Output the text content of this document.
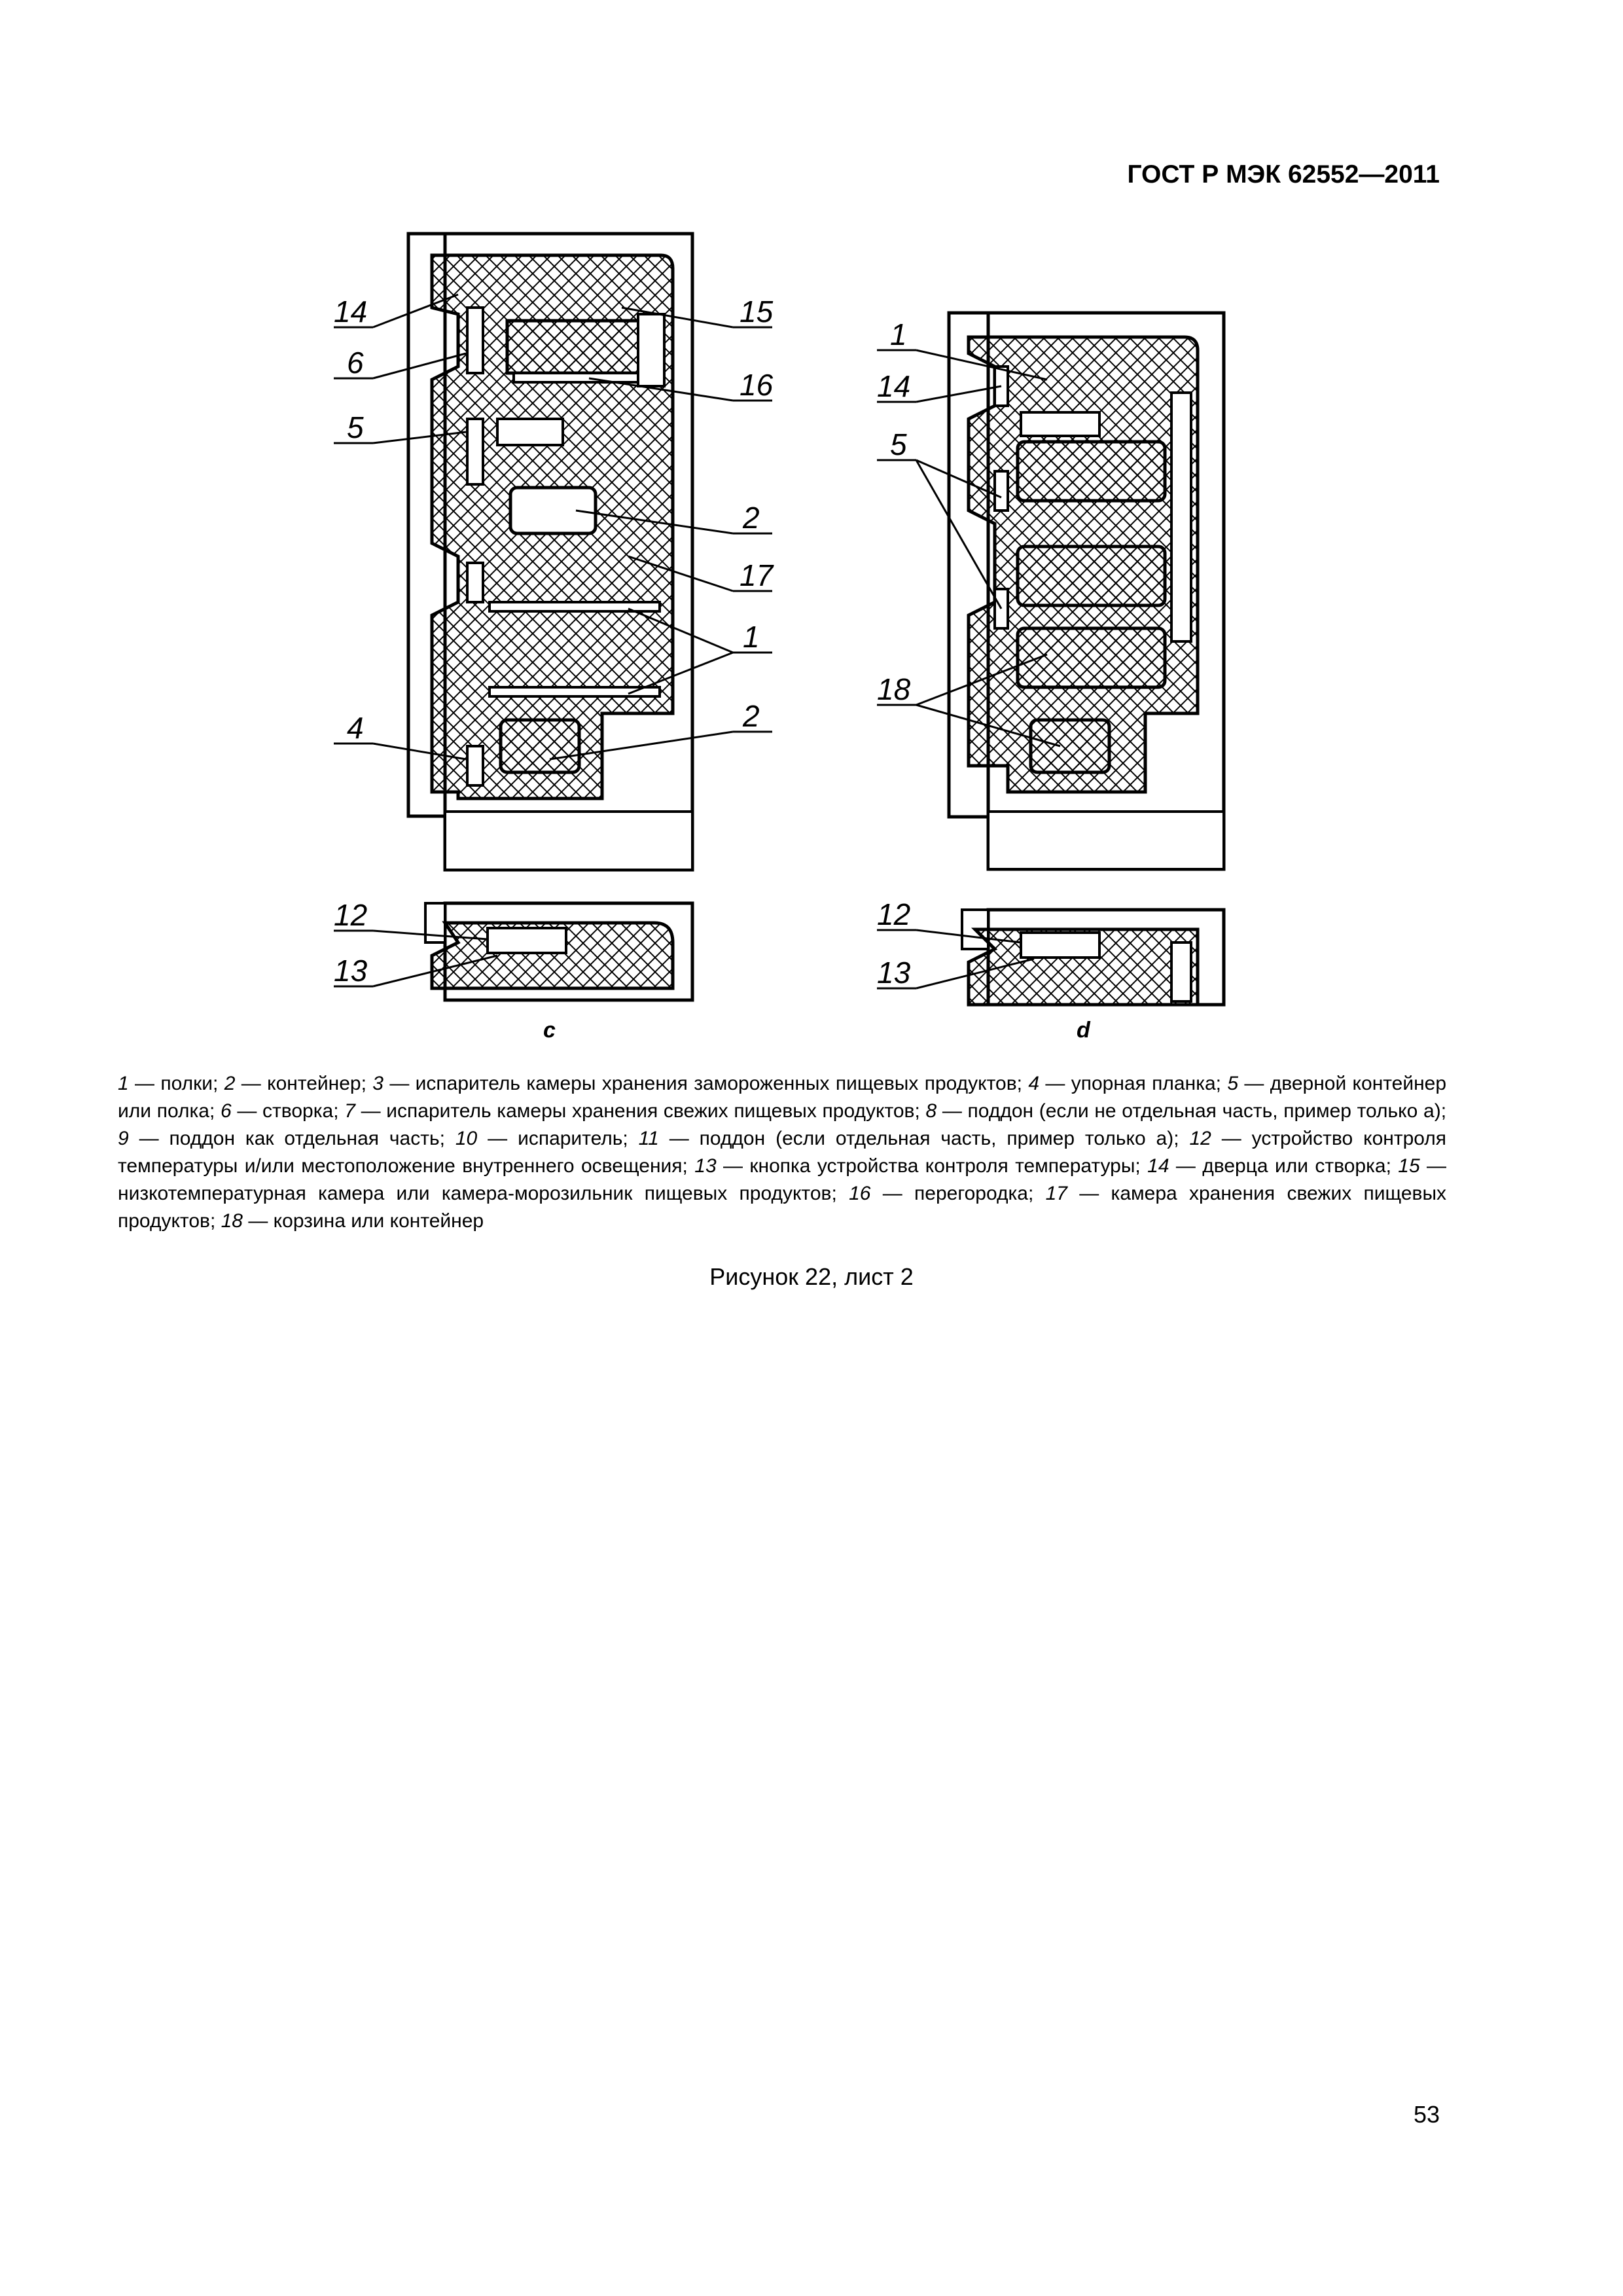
ГОСТ Р МЭК 62552—2011
14
6
5
4
15
16
2
17
1
2
12
13
1
14
5
18
12
13
c	d
1 — полки; 2 — контейнер; 3 — испаритель камеры хранения замороженных пищевых продуктов; 4 — упорная планка; 5 — дверной контейнер или полка; 6 — створка; 7 — испаритель камеры хранения свежих пищевых продуктов; 8 — поддон (если не отдельная часть, пример только a); 9 — поддон как отдельная часть; 10 — испаритель; 11 — поддон (если отдельная часть, пример только a); 12 — устройство контроля температуры и/или местоположение внутреннего освещения; 13 — кнопка устройства контроля температуры; 14 — дверца или створка; 15 — низкотемпературная камера или камера-морозильник пищевых продуктов; 16 — перегородка; 17 — камера хранения свежих пищевых продуктов; 18 — корзина или контейнер
Рисунок 22, лист 2
53
